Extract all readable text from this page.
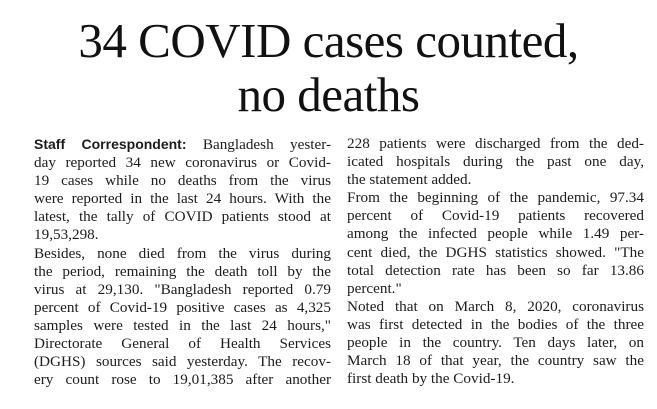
34 COVID cases counted,
no deaths
Staff Correspondent: Bangladesh yester-
day reported 34 new coronavirus or Covid-
19 cases while no deaths from the virus
were reported in the last 24 hours. With the
latest, the tally of COVID patients stood at
19,53,298.
Besides, none died from the virus during
the period, remaining the death toll by the
virus at 29,130. "Bangladesh reported 0.79
percent of Covid-19 positive cases as 4,325
samples were tested in the last 24 hours,"
Directorate General of Health Services
(DGHS) sources said yesterday. The recov-
ery count rose to 19,01,385 after another
228 patients were discharged from the ded-
icated hospitals during the past one day,
the statement added.
From the beginning of the pandemic, 97.34
percent of Covid-19 patients recovered
among the infected people while 1.49 per-
cent died, the DGHS statistics showed. "The
total detection rate has been so far 13.86
percent."
Noted that on March 8, 2020, coronavirus
was first detected in the bodies of the three
people in the country. Ten days later, on
March 18 of that year, the country saw the
first death by the Covid-19.
